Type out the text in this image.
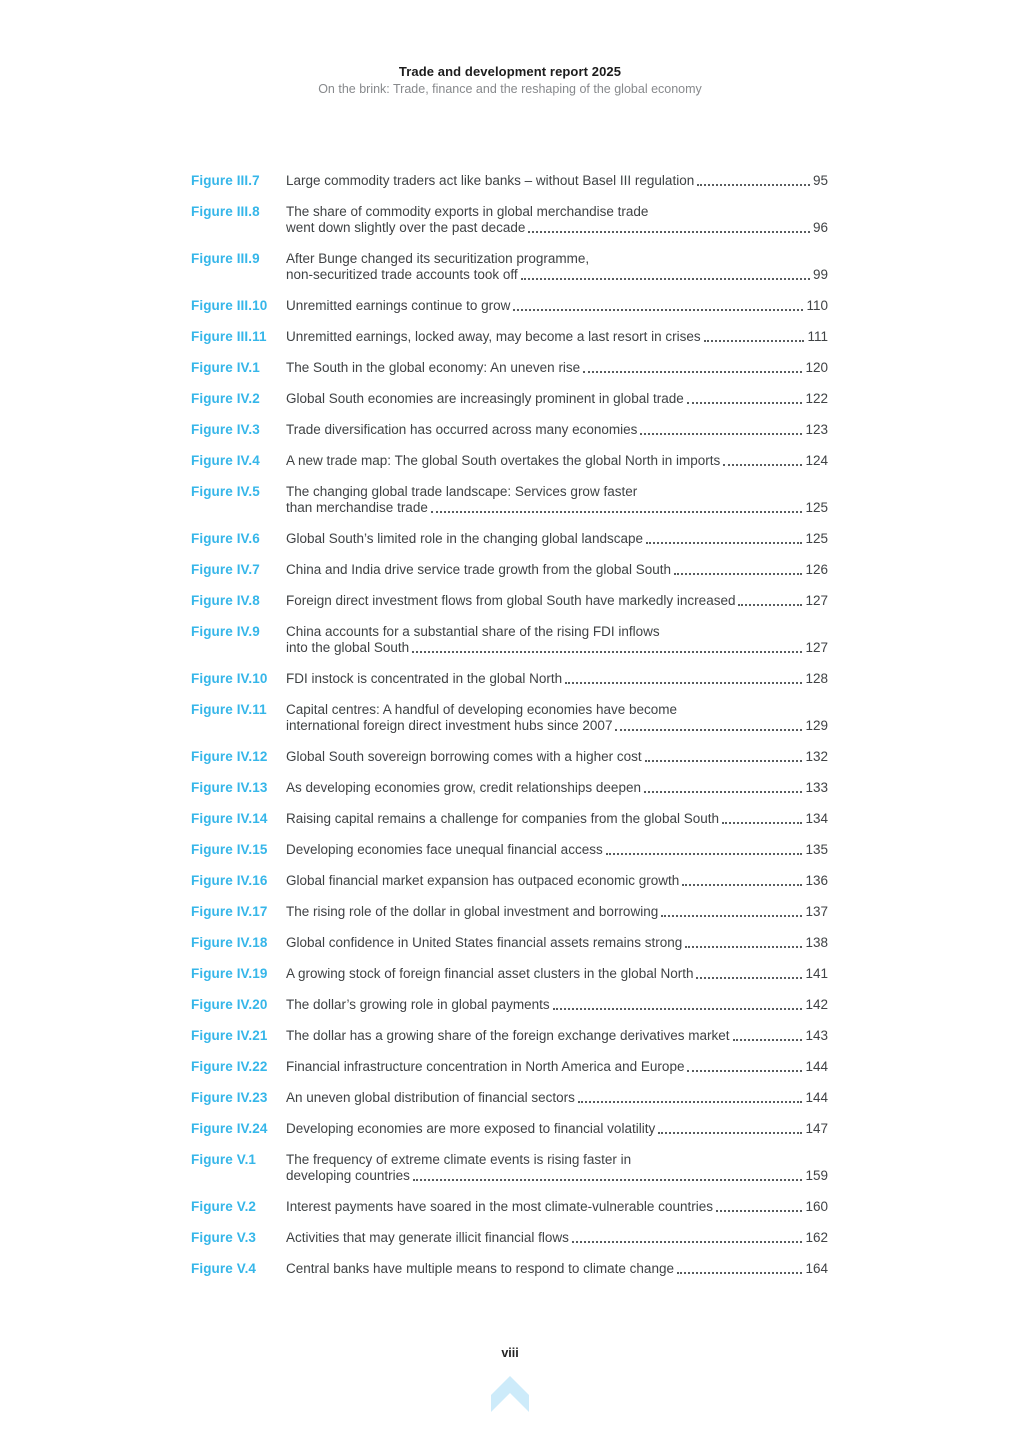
Trade and development report 2025
On the brink: Trade, finance and the reshaping of the global economy
Figure III.7	Large commodity traders act like banks – without Basel III regulation	95
Figure III.8	The share of commodity exports in global merchandise trade
went down slightly over the past decade	96
Figure III.9	After Bunge changed its securitization programme,
non-securitized trade accounts took off	99
Figure III.10	Unremitted earnings continue to grow	110
Figure III.11	Unremitted earnings, locked away, may become a last resort in crises	111
Figure IV.1	The South in the global economy: An uneven rise	120
Figure IV.2	Global South economies are increasingly prominent in global trade	122
Figure IV.3	Trade diversification has occurred across many economies	123
Figure IV.4	A new trade map: The global South overtakes the global North in imports	124
Figure IV.5	The changing global trade landscape: Services grow faster
than merchandise trade	125
Figure IV.6	Global South’s limited role in the changing global landscape	125
Figure IV.7	China and India drive service trade growth from the global South	126
Figure IV.8	Foreign direct investment flows from global South have markedly increased	127
Figure IV.9	China accounts for a substantial share of the rising FDI inflows
into the global South	127
Figure IV.10	FDI instock is concentrated in the global North	128
Figure IV.11	Capital centres: A handful of developing economies have become
international foreign direct investment hubs since 2007	129
Figure IV.12	Global South sovereign borrowing comes with a higher cost	132
Figure IV.13	As developing economies grow, credit relationships deepen	133
Figure IV.14	Raising capital remains a challenge for companies from the global South	134
Figure IV.15	Developing economies face unequal financial access	135
Figure IV.16	Global financial market expansion has outpaced economic growth	136
Figure IV.17	The rising role of the dollar in global investment and borrowing	137
Figure IV.18	Global confidence in United States financial assets remains strong	138
Figure IV.19	A growing stock of foreign financial asset clusters in the global North	141
Figure IV.20	The dollar’s growing role in global payments	142
Figure IV.21	The dollar has a growing share of the foreign exchange derivatives market	143
Figure IV.22	Financial infrastructure concentration in North America and Europe	144
Figure IV.23	An uneven global distribution of financial sectors	144
Figure IV.24	Developing economies are more exposed to financial volatility	147
Figure V.1	The frequency of extreme climate events is rising faster in
developing countries	159
Figure V.2	Interest payments have soared in the most climate-vulnerable countries	160
Figure V.3	Activities that may generate illicit financial flows	162
Figure V.4	Central banks have multiple means to respond to climate change	164
viii
